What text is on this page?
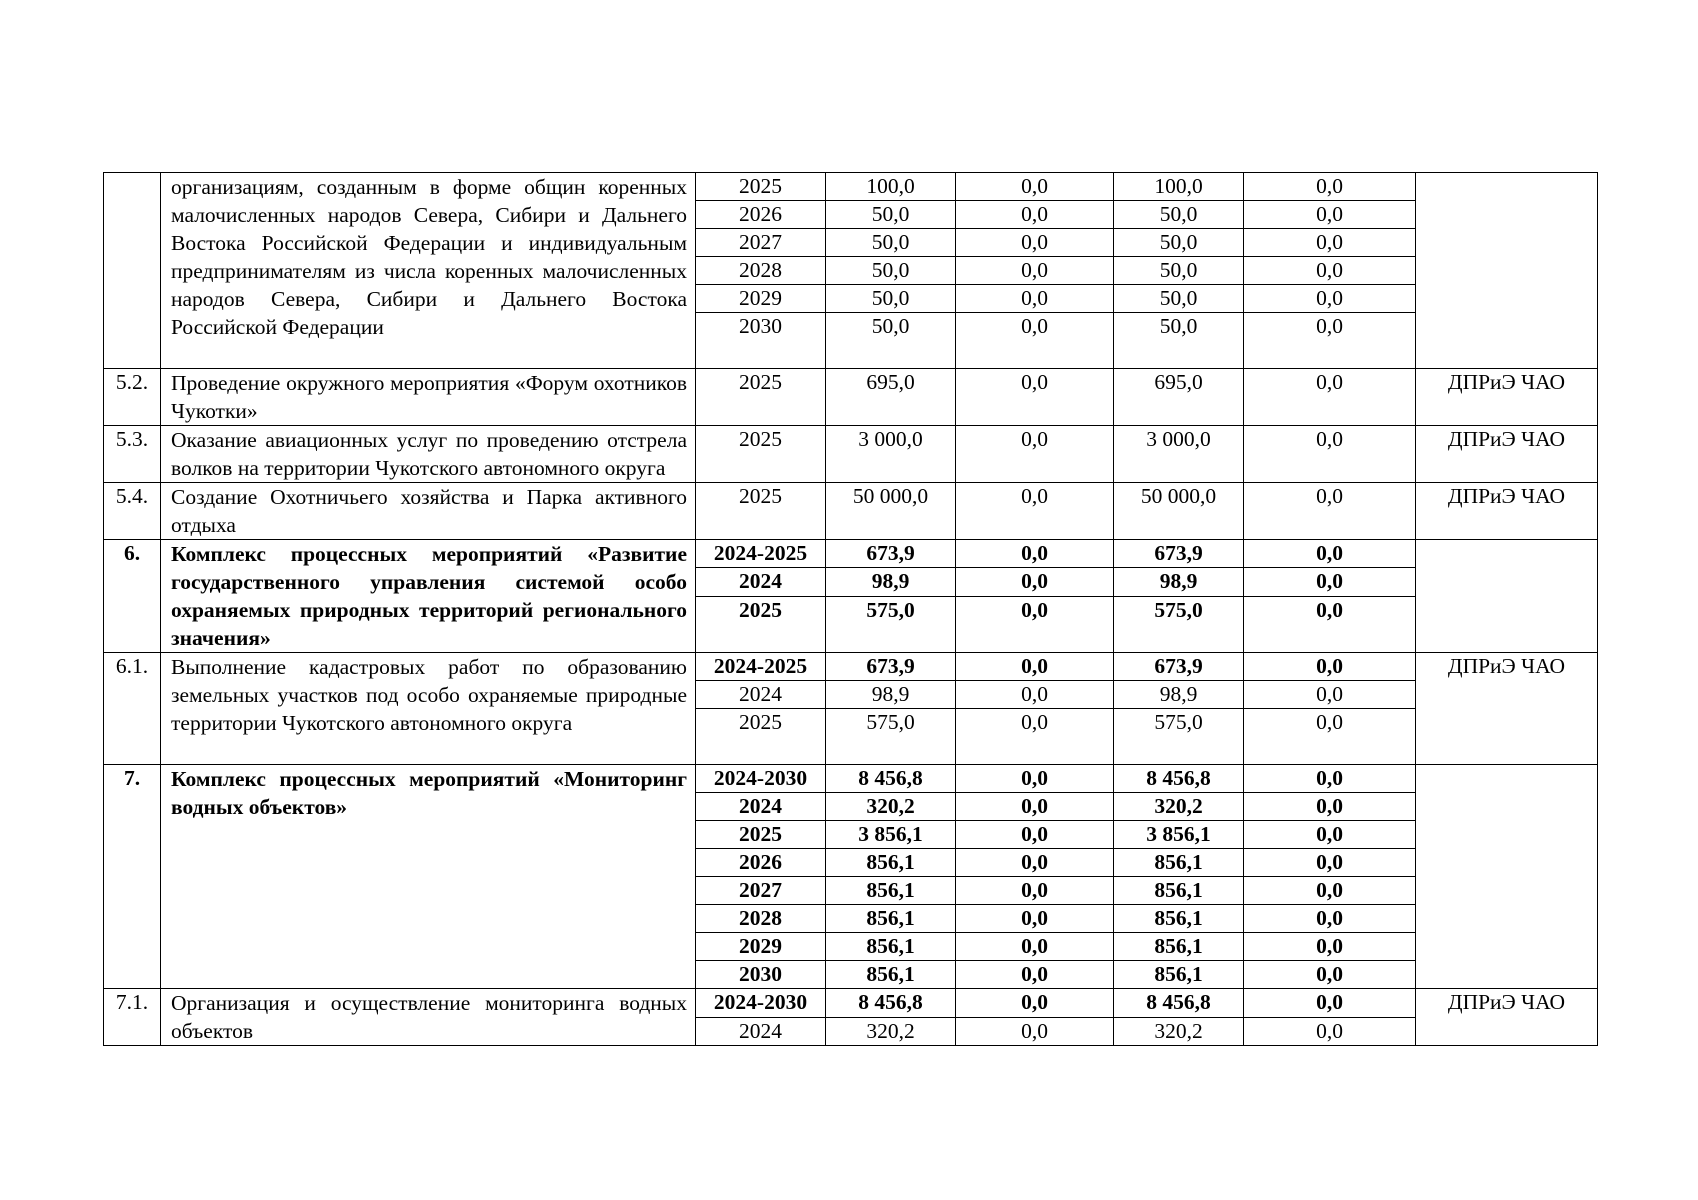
	организациям, созданным в форме общин коренных малочисленных народов Севера, Сибири и Дальнего Востока Российской Федерации и индивидуальным предпринимателям из числа коренных малочисленных народов Севера, Сибири и Дальнего Востока Российской Федерации	2025	100,0	0,0	100,0	0,0	
		2026	50,0	0,0	50,0	0,0	
		2027	50,0	0,0	50,0	0,0	
		2028	50,0	0,0	50,0	0,0	
		2029	50,0	0,0	50,0	0,0	
		2030	50,0	0,0	50,0	0,0	
5.2.	Проведение окружного мероприятия «Форум охотников Чукотки»	2025	695,0	0,0	695,0	0,0	ДПРиЭ ЧАО
5.3.	Оказание авиационных услуг по проведению отстрела волков на территории Чукотского автономного округа	2025	3 000,0	0,0	3 000,0	0,0	ДПРиЭ ЧАО
5.4.	Создание Охотничьего хозяйства и Парка активного отдыха	2025	50 000,0	0,0	50 000,0	0,0	ДПРиЭ ЧАО
6.	Комплекс процессных мероприятий «Развитие государственного управления системой особо охраняемых природных территорий регионального значения»	2024-2025	673,9	0,0	673,9	0,0	
		2024	98,9	0,0	98,9	0,0	
		2025	575,0	0,0	575,0	0,0	
6.1.	Выполнение кадастровых работ по образованию земельных участков под особо охраняемые природные территории Чукотского автономного округа	2024-2025	673,9	0,0	673,9	0,0	ДПРиЭ ЧАО
		2024	98,9	0,0	98,9	0,0	
		2025	575,0	0,0	575,0	0,0	
7.	Комплекс процессных мероприятий «Мониторинг водных объектов»	2024-2030	8 456,8	0,0	8 456,8	0,0	
		2024	320,2	0,0	320,2	0,0	
		2025	3 856,1	0,0	3 856,1	0,0	
		2026	856,1	0,0	856,1	0,0	
		2027	856,1	0,0	856,1	0,0	
		2028	856,1	0,0	856,1	0,0	
		2029	856,1	0,0	856,1	0,0	
		2030	856,1	0,0	856,1	0,0	
7.1.	Организация и осуществление мониторинга водных объектов	2024-2030	8 456,8	0,0	8 456,8	0,0	ДПРиЭ ЧАО
		2024	320,2	0,0	320,2	0,0	
